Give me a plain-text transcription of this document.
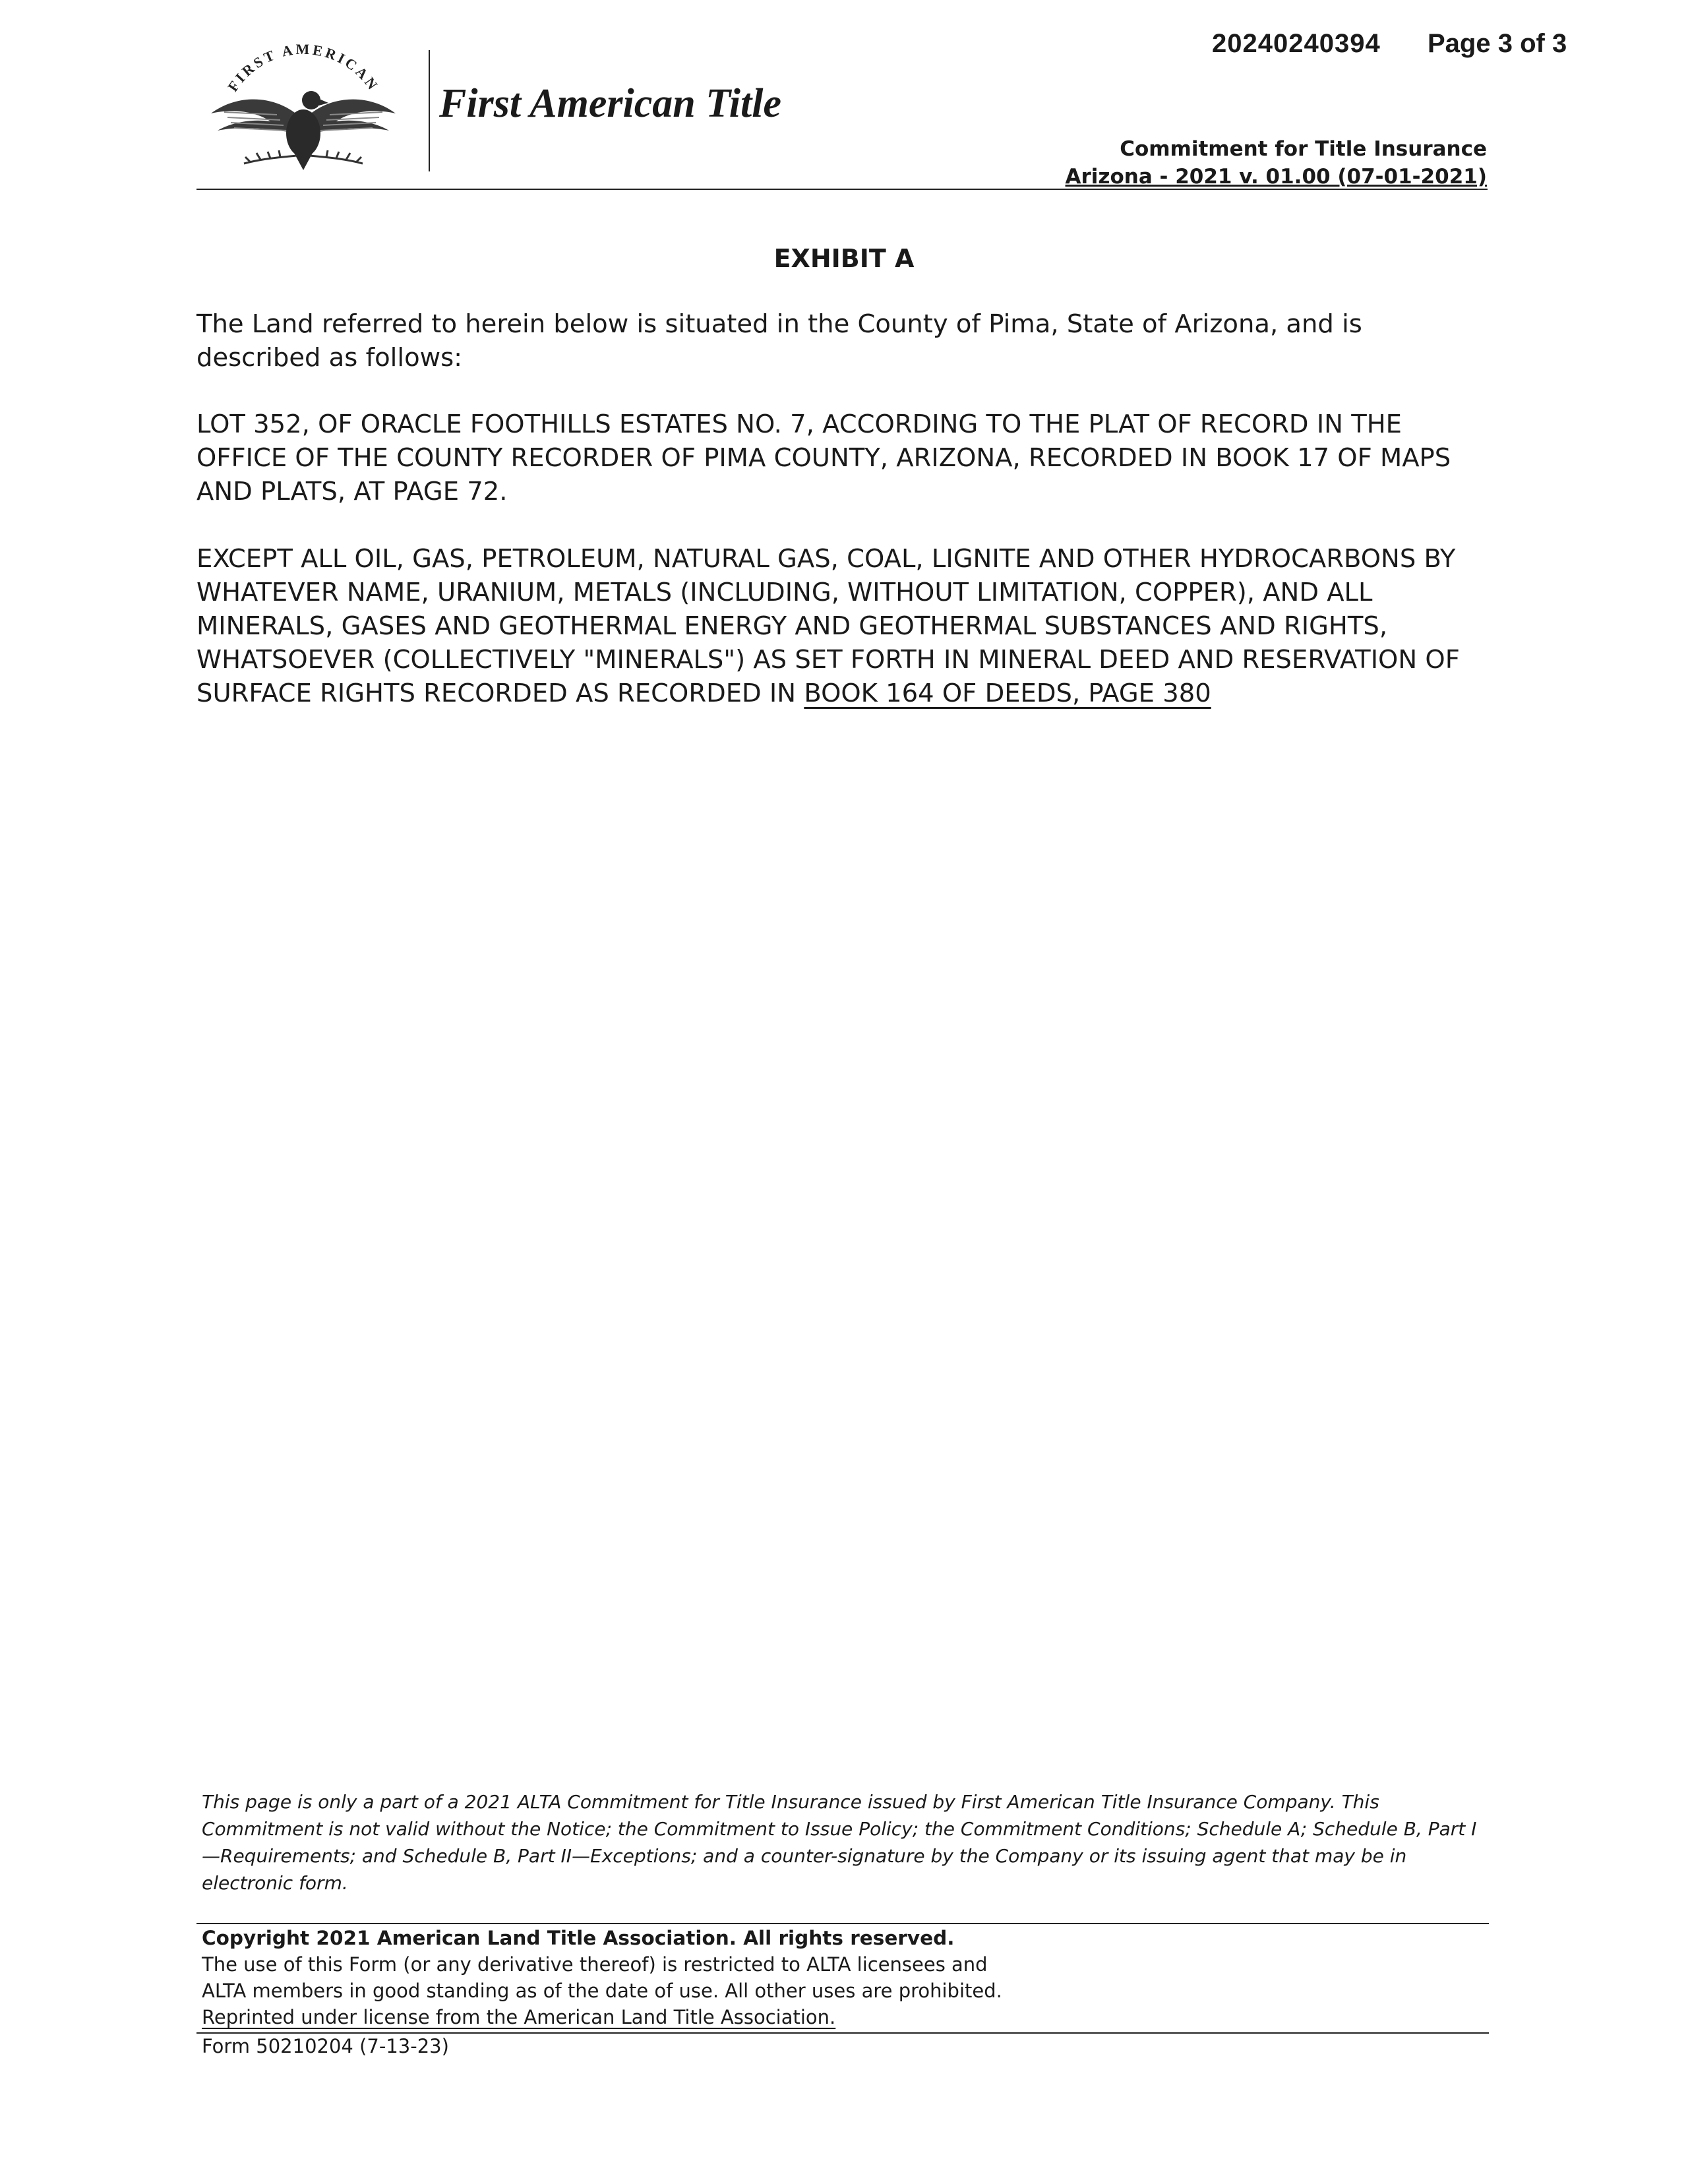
20240240394 Page 3 of 3
FIRST AMERICAN First American Title
Commitment for Title Insurance
Arizona - 2021 v. 01.00 (07-01-2021)
EXHIBIT A
The Land referred to herein below is situated in the County of Pima, State of Arizona, and is described as follows:
LOT 352, OF ORACLE FOOTHILLS ESTATES NO. 7, ACCORDING TO THE PLAT OF RECORD IN THE OFFICE OF THE COUNTY RECORDER OF PIMA COUNTY, ARIZONA, RECORDED IN BOOK 17 OF MAPS AND PLATS, AT PAGE 72.
EXCEPT ALL OIL, GAS, PETROLEUM, NATURAL GAS, COAL, LIGNITE AND OTHER HYDROCARBONS BY WHATEVER NAME, URANIUM, METALS (INCLUDING, WITHOUT LIMITATION, COPPER), AND ALL MINERALS, GASES AND GEOTHERMAL ENERGY AND GEOTHERMAL SUBSTANCES AND RIGHTS, WHATSOEVER (COLLECTIVELY "MINERALS") AS SET FORTH IN MINERAL DEED AND RESERVATION OF SURFACE RIGHTS RECORDED AS RECORDED IN BOOK 164 OF DEEDS, PAGE 380
This page is only a part of a 2021 ALTA Commitment for Title Insurance issued by First American Title Insurance Company. This Commitment is not valid without the Notice; the Commitment to Issue Policy; the Commitment Conditions; Schedule A; Schedule B, Part I—Requirements; and Schedule B, Part II—Exceptions; and a counter-signature by the Company or its issuing agent that may be in electronic form.
Copyright 2021 American Land Title Association. All rights reserved.
The use of this Form (or any derivative thereof) is restricted to ALTA licensees and
ALTA members in good standing as of the date of use. All other uses are prohibited.
Reprinted under license from the American Land Title Association.
Form 50210204 (7-13-23)
